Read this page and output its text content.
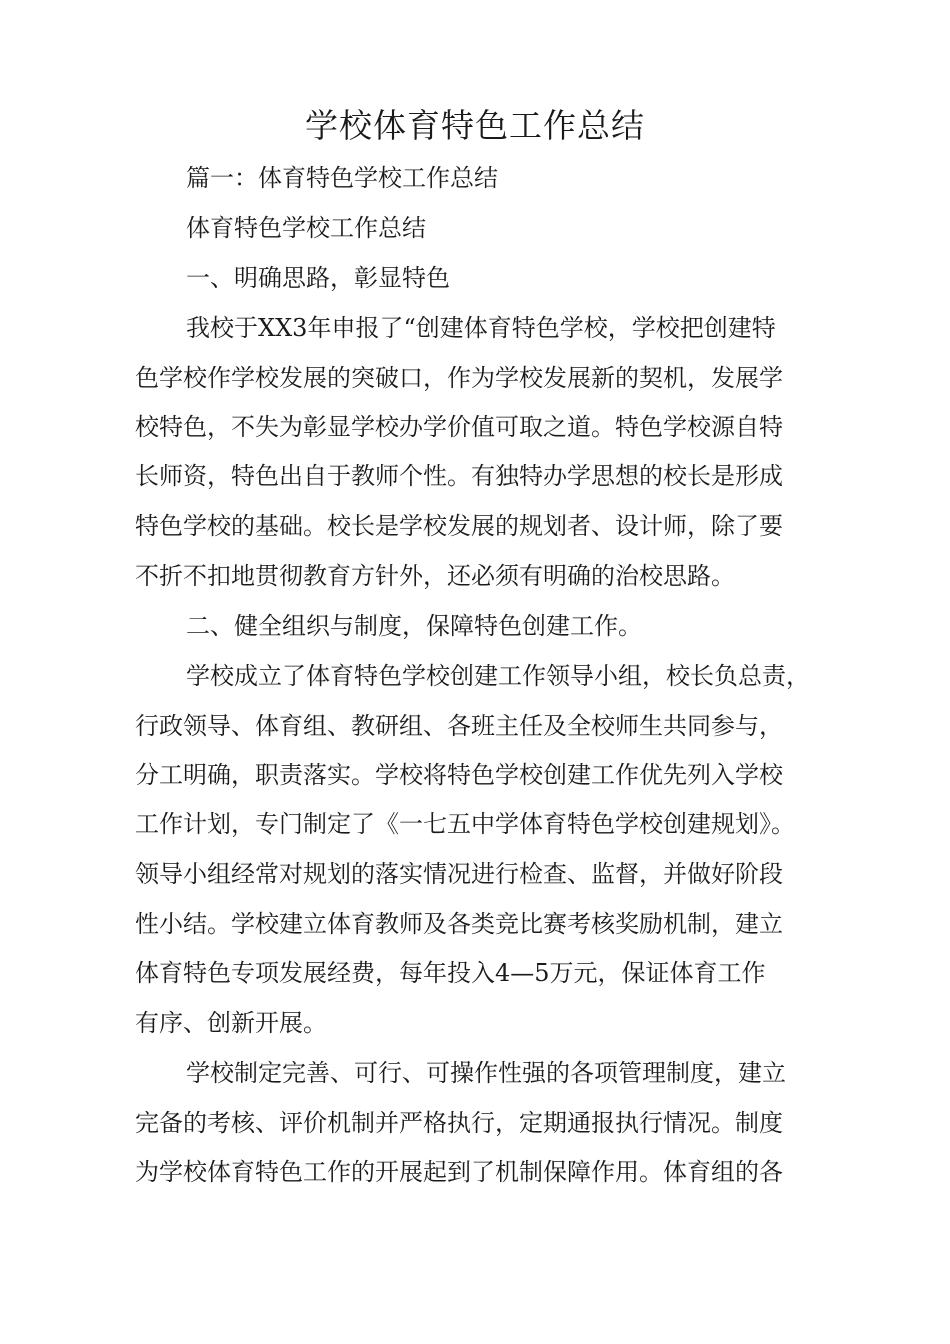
学校体育特色工作总结

篇一：体育特色学校工作总结

体育特色学校工作总结

一、明确思路，彰显特色

我校于XX3年申报了“创建体育特色学校，学校把创建特

色学校作学校发展的突破口，作为学校发展新的契机，发展学

校特色，不失为彰显学校办学价值可取之道。特色学校源自特

长师资，特色出自于教师个性。有独特办学思想的校长是形成

特色学校的基础。校长是学校发展的规划者、设计师，除了要

不折不扣地贯彻教育方针外，还必须有明确的治校思路。

二、健全组织与制度，保障特色创建工作。

学校成立了体育特色学校创建工作领导小组，校长负总责，

行政领导、体育组、教研组、各班主任及全校师生共同参与，

分工明确，职责落实。学校将特色学校创建工作优先列入学校

工作计划，专门制定了《一七五中学体育特色学校创建规划》。

领导小组经常对规划的落实情况进行检查、监督，并做好阶段

性小结。学校建立体育教师及各类竞比赛考核奖励机制，建立

体育特色专项发展经费，每年投入4—5万元，保证体育工作

有序、创新开展。

学校制定完善、可行、可操作性强的各项管理制度，建立

完备的考核、评价机制并严格执行，定期通报执行情况。制度

为学校体育特色工作的开展起到了机制保障作用。体育组的各
